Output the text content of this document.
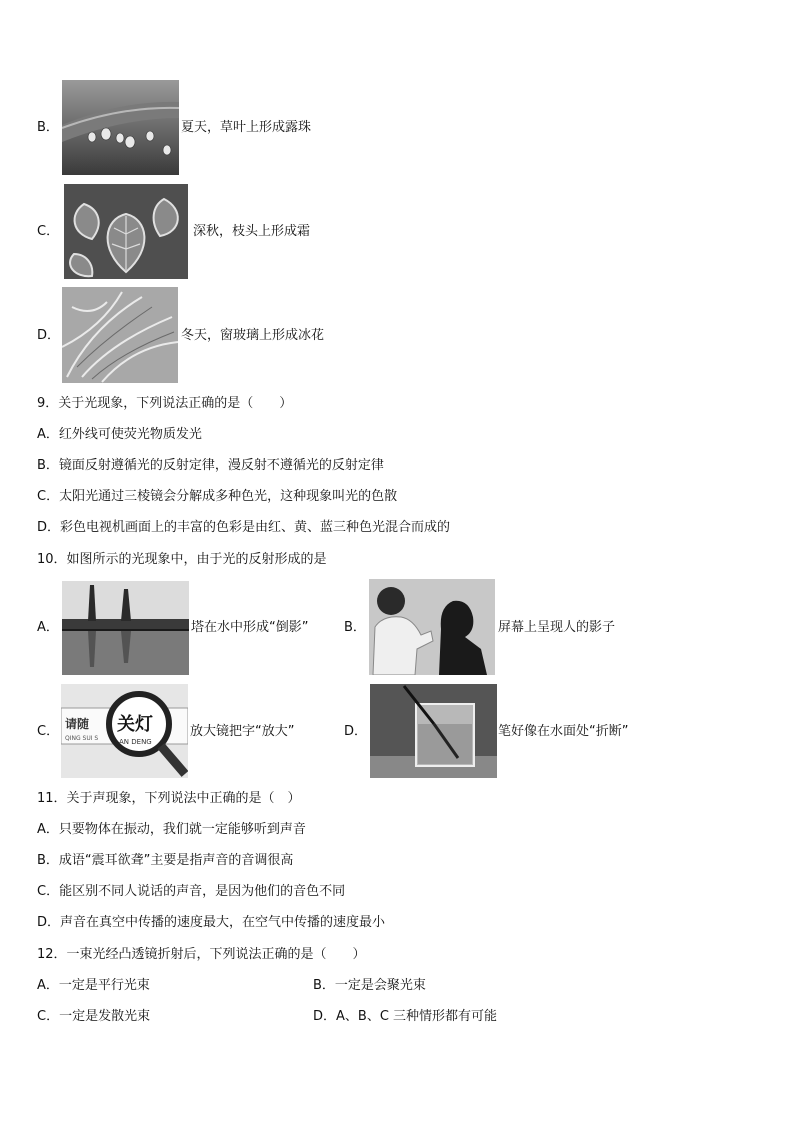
B．	夏天，草叶上形成露珠
C．	深秋，枝头上形成霜
D．	冬天，窗玻璃上形成冰花
9．关于光现象，下列说法正确的是（　　）
A．红外线可使荧光物质发光
B．镜面反射遵循光的反射定律，漫反射不遵循光的反射定律
C．太阳光通过三棱镜会分解成多种色光，这种现象叫光的色散
D．彩色电视机画面上的丰富的色彩是由红、黄、蓝三种色光混合而成的
10．如图所示的光现象中，由于光的反射形成的是
A．	塔在水中形成“倒影”	B．	屏幕上呈现人的影子
C． 请随
QING SUI S
关灯
AN DENG
放大镜把字“放大”	D．	笔好像在水面处“折断”
11．关于声现象，下列说法中正确的是（　）
A．只要物体在振动，我们就一定能够听到声音
B．成语“震耳欲聋”主要是指声音的音调很高
C．能区别不同人说话的声音，是因为他们的音色不同
D．声音在真空中传播的速度最大，在空气中传播的速度最小
12．一束光经凸透镜折射后，下列说法正确的是（　　）
A．一定是平行光束	B．一定是会聚光束
C．一定是发散光束	D．A、B、C 三种情形都有可能
